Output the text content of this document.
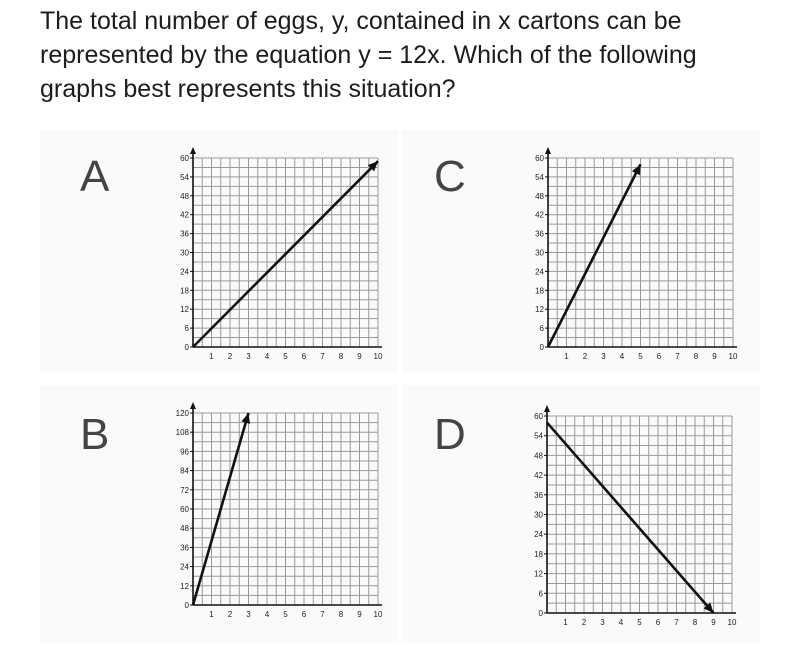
The total number of eggs, y, contained in x cartons can be represented by the equation y = 12x. Which of the following graphs best represents this situation?
A
1 2 3 4 5 6 7 8 9 10
0
6
12
18
24
30
36
42
48
54
60	C
1 2 3 4 5 6 7 8 9 10
0
6
12
18
24
30
36
42
48
54
60
B
1 2 3 4 5 6 7 8 9 10
0
12
24
36
48
60
72
84
96
108
120	D
1 2 3 4 5 6 7 8 9 10
0
6
12
18
24
30
36
42
48
54
60
